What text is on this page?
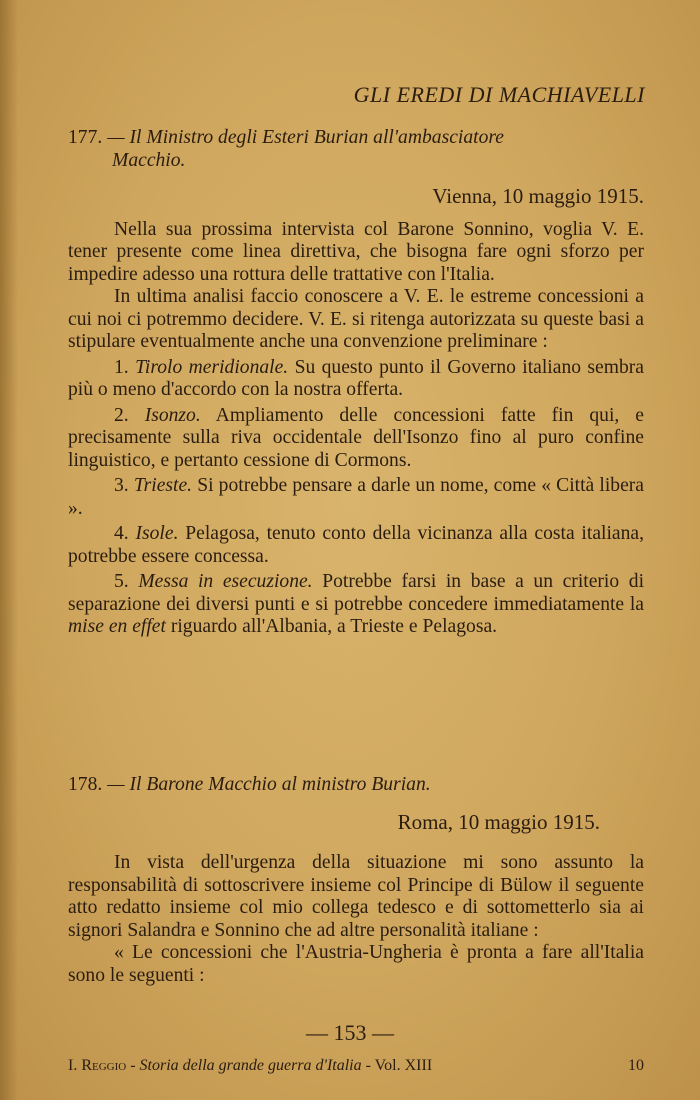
GLI EREDI DI MACHIAVELLI

177. — Il Ministro degli Esteri Burian all'ambasciatore
Macchio.

Vienna, 10 maggio 1915.

Nella sua prossima intervista col Barone Sonnino, voglia V. E. tener presente come linea direttiva, che bisogna fare ogni sforzo per impedire adesso una rottura delle trattative con l'Italia.

In ultima analisi faccio conoscere a V. E. le estreme concessioni a cui noi ci potremmo decidere. V. E. si ritenga autorizzata su queste basi a stipulare eventualmente anche una convenzione preliminare :

1. Tirolo meridionale. Su questo punto il Governo italiano sembra più o meno d'accordo con la nostra offerta.

2. Isonzo. Ampliamento delle concessioni fatte fin qui, e precisamente sulla riva occidentale dell'Isonzo fino al puro confine linguistico, e pertanto cessione di Cormons.

3. Trieste. Si potrebbe pensare a darle un nome, come « Città libera ».

4. Isole. Pelagosa, tenuto conto della vicinanza alla costa italiana, potrebbe essere concessa.

5. Messa in esecuzione. Potrebbe farsi in base a un criterio di separazione dei diversi punti e si potrebbe concedere immediatamente la mise en effet riguardo all'Albania, a Trieste e Pelagosa.

178. — Il Barone Macchio al ministro Burian.

Roma, 10 maggio 1915.

In vista dell'urgenza della situazione mi sono assunto la responsabilità di sottoscrivere insieme col Principe di Bülow il seguente atto redatto insieme col mio collega tedesco e di sottometterlo sia ai signori Salandra e Sonnino che ad altre personalità italiane :

« Le concessioni che l'Austria-Ungheria è pronta a fare all'Italia sono le seguenti :

— 153 —
I. Reggio - Storia della grande guerra d'Italia - Vol. XIII	10
